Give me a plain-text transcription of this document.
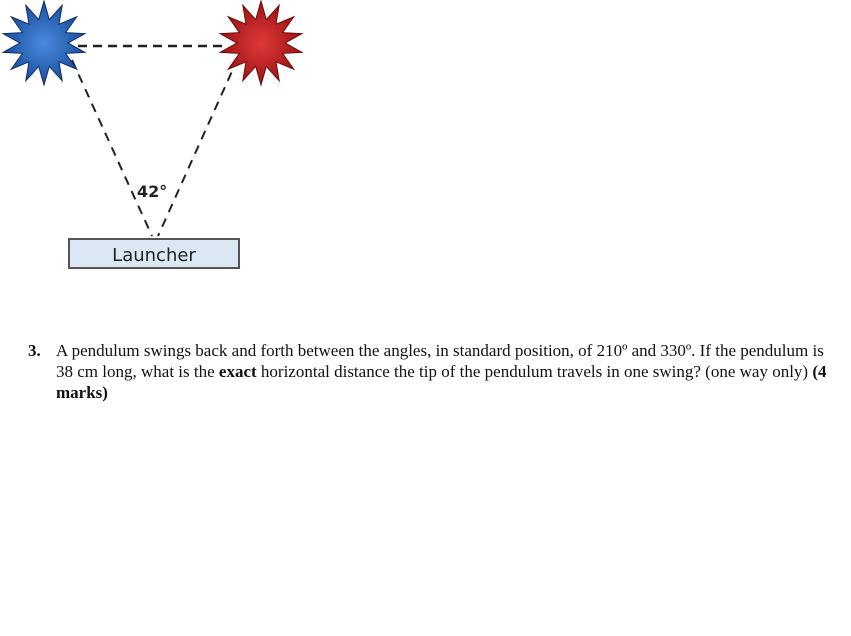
42°
Launcher
3. A pendulum swings back and forth between the angles, in standard position, of 210º and 330º. If the pendulum is 38 cm long, what is the exact horizontal distance the tip of the pendulum travels in one swing? (one way only) (4 marks)
